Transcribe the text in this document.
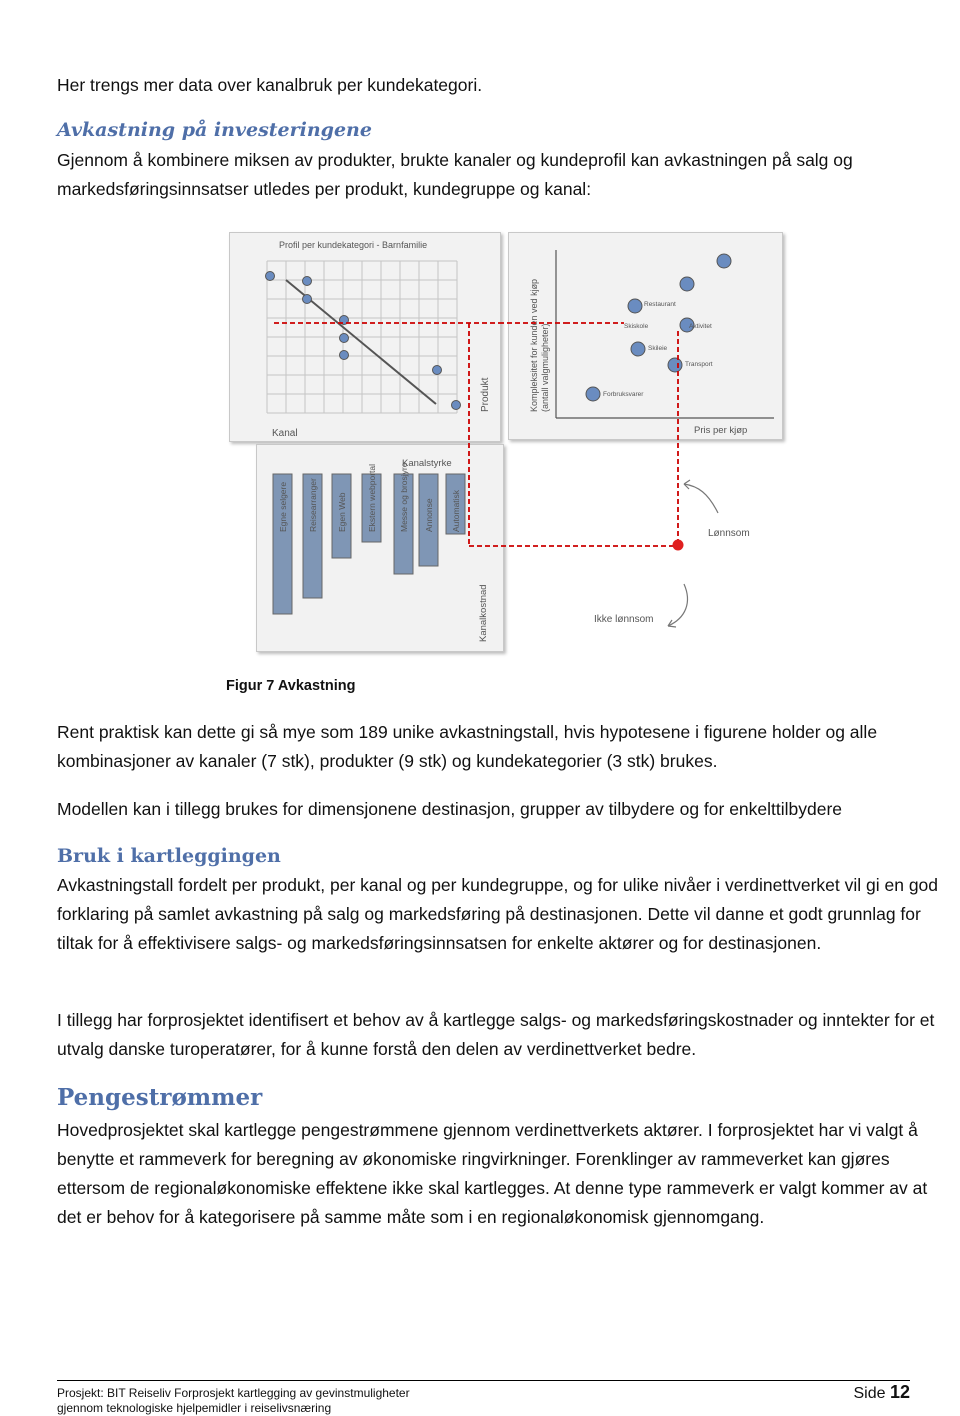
Her trengs mer data over kanalbruk per kundekategori.

Avkastning på investeringene

Gjennom å kombinere miksen av produkter, brukte kanaler og kundeprofil kan avkastningen på salg og markedsføringsinnsatser utledes per produkt, kundegruppe og kanal:

Profil per kundekategori - Barnfamilie
Kanal
Produkt	Kompleksitet for kunden ved kjøp (antall valgmuligheter)
Pris per kjøp
Restaurant
Skiskole	Aktivitet
Skileie
Transport
Forbruksvarer
Kanalstyrke
Egne selgere Reisearranger Egen Web Ekstern webportal	Messe og brosjyre Annonse Automatisk
Kanalkostnad
Lønnsom
Ikke lønnsom
Figur 7 Avkastning

Rent praktisk kan dette gi så mye som 189 unike avkastningstall, hvis hypotesene i figurene holder og alle kombinasjoner av kanaler (7 stk), produkter (9 stk) og kundekategorier (3 stk) brukes.

Modellen kan i tillegg brukes for dimensjonene destinasjon, grupper av tilbydere og for enkelttilbydere

Bruk i kartleggingen

Avkastningstall fordelt per produkt, per kanal og per kundegruppe, og for ulike nivåer i verdinettverket vil gi en god forklaring på samlet avkastning på salg og markedsføring på destinasjonen. Dette vil danne et godt grunnlag for tiltak for å effektivisere salgs- og markedsføringsinnsatsen for enkelte aktører og for destinasjonen.

I tillegg har forprosjektet identifisert et behov av å kartlegge salgs- og markedsføringskostnader og inntekter for et utvalg danske turoperatører, for å kunne forstå den delen av verdinettverket bedre.

Pengestrømmer

Hovedprosjektet skal kartlegge pengestrømmene gjennom verdinettverkets aktører. I forprosjektet har vi valgt å benytte et rammeverk for beregning av økonomiske ringvirkninger. Forenklinger av rammeverket kan gjøres ettersom de regionaløkonomiske effektene ikke skal kartlegges. At denne type rammeverk er valgt kommer av at det er behov for å kategorisere på samme måte som i en regionaløkonomisk gjennomgang.

Prosjekt: BIT Reiseliv Forprosjekt kartlegging av gevinstmuligheter
gjennom teknologiske hjelpemidler i reiselivsnæring
Side 12
